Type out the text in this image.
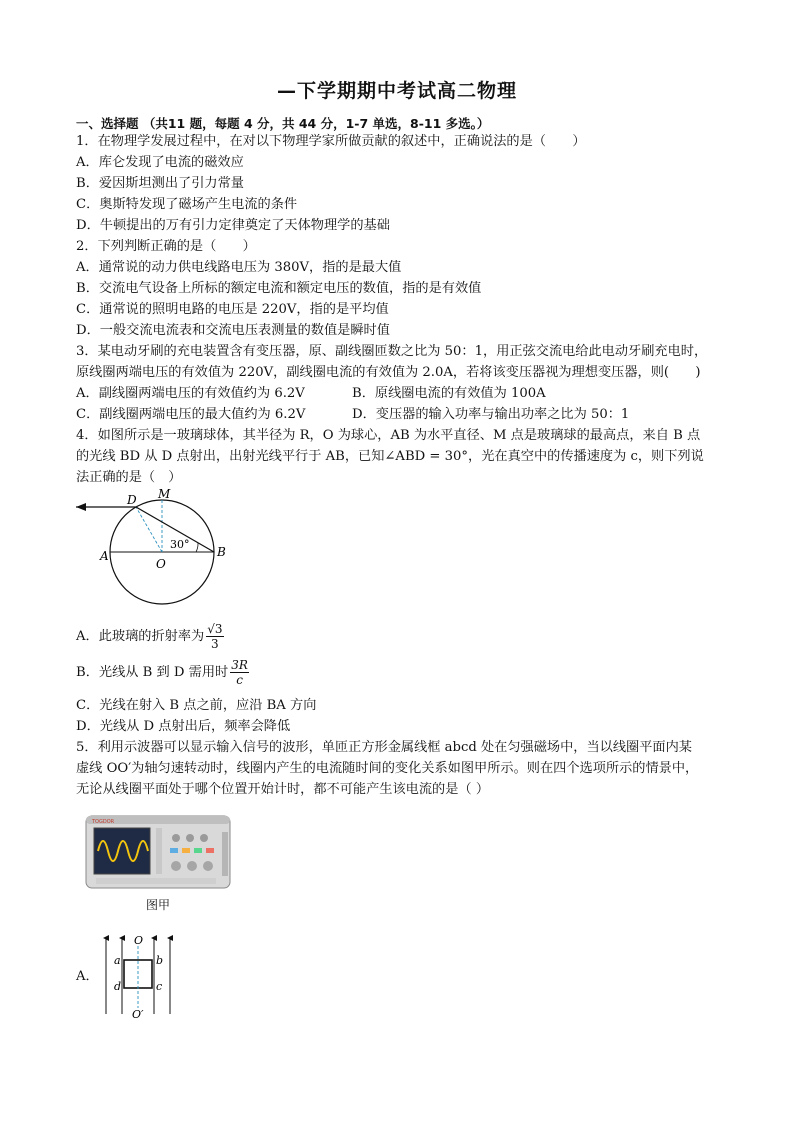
—下学期期中考试高二物理
一、选择题 （共11 题，每题 4 分，共 44 分，1-7 单选，8-11 多选。）
1．在物理学发展过程中，在对以下物理学家所做贡献的叙述中，正确说法的是（　　）
A．库仑发现了电流的磁效应
B．爱因斯坦测出了引力常量
C．奥斯特发现了磁场产生电流的条件
D．牛顿提出的万有引力定律奠定了天体物理学的基础
2．下列判断正确的是（　　）
A．通常说的动力供电线路电压为 380V，指的是最大值
B．交流电气设备上所标的额定电流和额定电压的数值，指的是有效值
C．通常说的照明电路的电压是 220V，指的是平均值
D．一般交流电流表和交流电压表测量的数值是瞬时值
3．某电动牙刷的充电装置含有变压器，原、副线圈匝数之比为 50：1，用正弦交流电给此电动牙刷充电时，
原线圈两端电压的有效值为 220V，副线圈电流的有效值为 2.0A，若将该变压器视为理想变压器，则(　　)
A．副线圈两端电压的有效值约为 6.2V	B．原线圈电流的有效值为 100A
C．副线圈两端电压的最大值约为 6.2V	D．变压器的输入功率与输出功率之比为 50：1
4．如图所示是一玻璃球体，其半径为 R，O 为球心，AB 为水平直径、M 点是玻璃球的最高点，来自 B 点
的光线 BD 从 D 点射出，出射光线平行于 AB，已知∠ABD = 30°，光在真空中的传播速度为 c，则下列说
法正确的是（　）
M
D
A	B
O
30°
A．此玻璃的折射率为 $\frac{√3}{3}$
B．光线从 B 到 D 需用时 $\frac{3R}{c}$
C．光线在射入 B 点之前，应沿 BA 方向
D．光线从 D 点射出后，频率会降低
5．利用示波器可以显示输入信号的波形，单匝正方形金属线框 abcd 处在匀强磁场中，当以线圈平面内某
虚线 OO′为轴匀速转动时，线圈内产生的电流随时间的变化关系如图甲所示。则在四个选项所示的情景中，
无论从线圈平面处于哪个位置开始计时，都不可能产生该电流的是（ ）
TOGDOR
图甲
A．
O
O′
a	b
c
d
